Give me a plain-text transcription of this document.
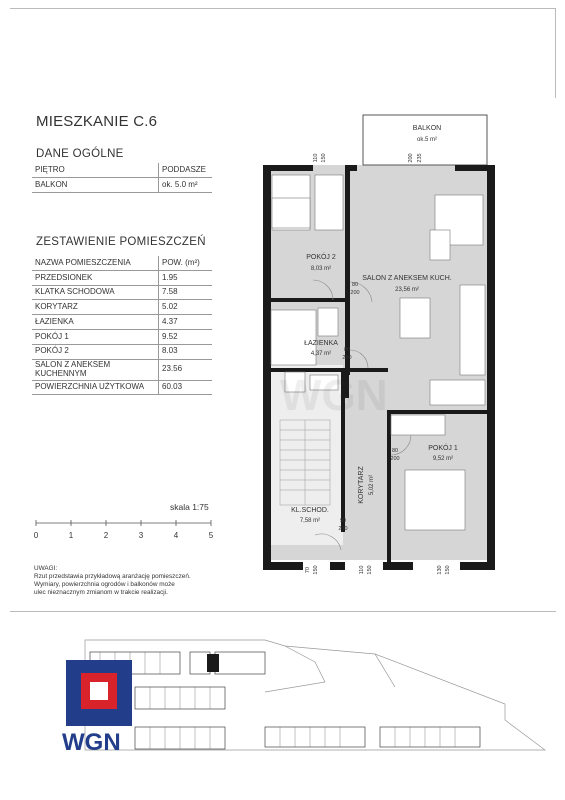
MIESZKANIE C.6
DANE OGÓLNE
PIĘTRO	PODDASZE
BALKON	ok. 5.0 m²
ZESTAWIENIE POMIESZCZEŃ
NAZWA POMIESZCZENIA	POW. (m²)
PRZEDSIONEK	1.95
KLATKA SCHODOWA	7.58
KORYTARZ	5.02
ŁAZIENKA	4.37
POKÓJ 1	9.52
POKÓJ 2	8.03
SALON Z ANEKSEM
KUCHENNYM	23.56
POWIERZCHNIA UŻYTKOWA	60.03
skala 1:75
0	1	2	3	4	5
UWAGI:
Rzut przedstawia przykładową aranżację pomieszczeń.
Wymiary, powierzchnia ogrodów i balkonów może
ulec nieznacznym zmianom w trakcie realizacji.
BALKON
ok.5 m²
POKÓJ 2
8,03 m²
SALON Z ANEKSEM KUCH.
23,56 m²
ŁAZIENKA
4,37 m²
POKÓJ 1
9,52 m²
KL.SCHOD.
7,58 m²
KORYTARZ 5,02 m²
110 150	200 235
70 150	110 150	130 150
80
200
80
200
80
200
90
200
WGN
WGN
